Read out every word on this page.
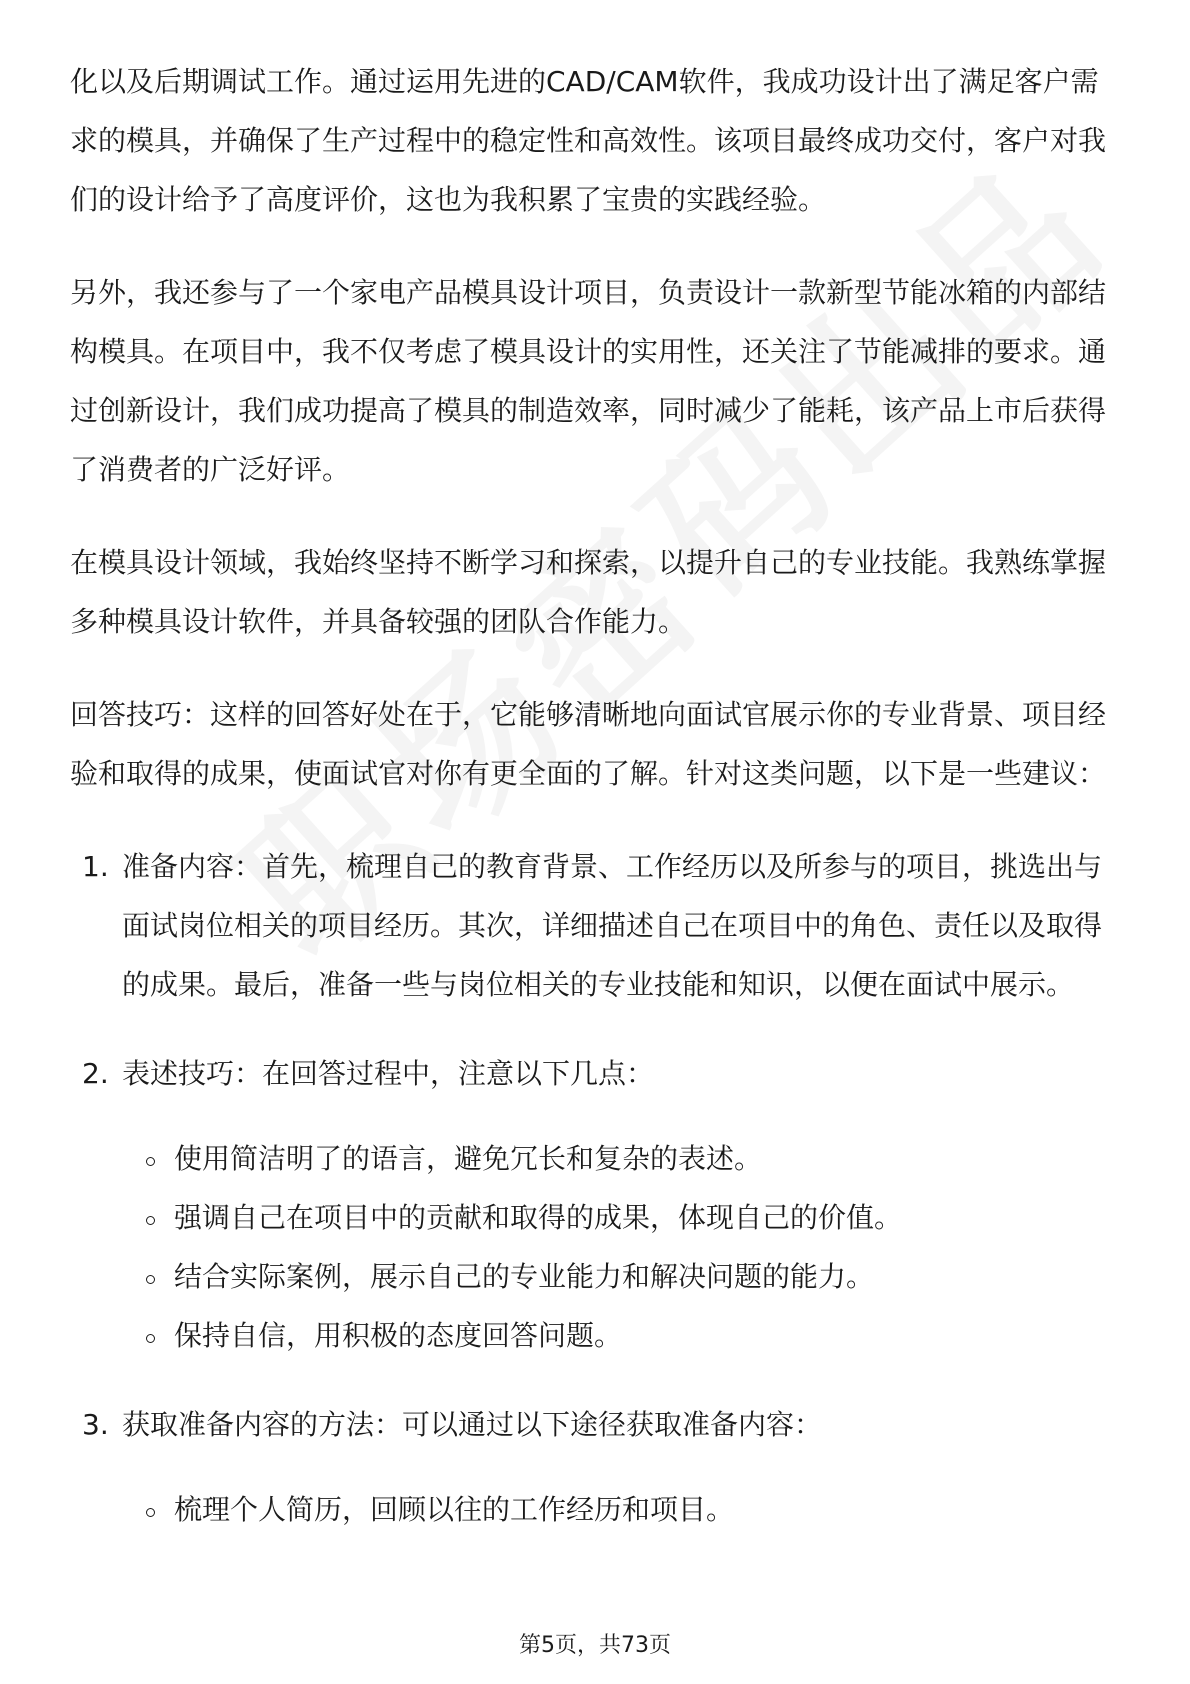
化以及后期调试工作。通过运用先进的CAD/CAM软件，我成功设计出了满足客户需求的模具，并确保了生产过程中的稳定性和高效性。该项目最终成功交付，客户对我们的设计给予了高度评价，这也为我积累了宝贵的实践经验。

另外，我还参与了一个家电产品模具设计项目，负责设计一款新型节能冰箱的内部结构模具。在项目中，我不仅考虑了模具设计的实用性，还关注了节能减排的要求。通过创新设计，我们成功提高了模具的制造效率，同时减少了能耗，该产品上市后获得了消费者的广泛好评。

在模具设计领域，我始终坚持不断学习和探索，以提升自己的专业技能。我熟练掌握多种模具设计软件，并具备较强的团队合作能力。

回答技巧：这样的回答好处在于，它能够清晰地向面试官展示你的专业背景、项目经验和取得的成果，使面试官对你有更全面的了解。针对这类问题，以下是一些建议：

1. 准备内容：首先，梳理自己的教育背景、工作经历以及所参与的项目，挑选出与面试岗位相关的项目经历。其次，详细描述自己在项目中的角色、责任以及取得的成果。最后，准备一些与岗位相关的专业技能和知识，以便在面试中展示。
2. 表述技巧：在回答过程中，注意以下几点：
使用简洁明了的语言，避免冗长和复杂的表述。
强调自己在项目中的贡献和取得的成果，体现自己的价值。
结合实际案例，展示自己的专业能力和解决问题的能力。
保持自信，用积极的态度回答问题。
3. 获取准备内容的方法：可以通过以下途径获取准备内容：
梳理个人简历，回顾以往的工作经历和项目。
第5页，共73页
